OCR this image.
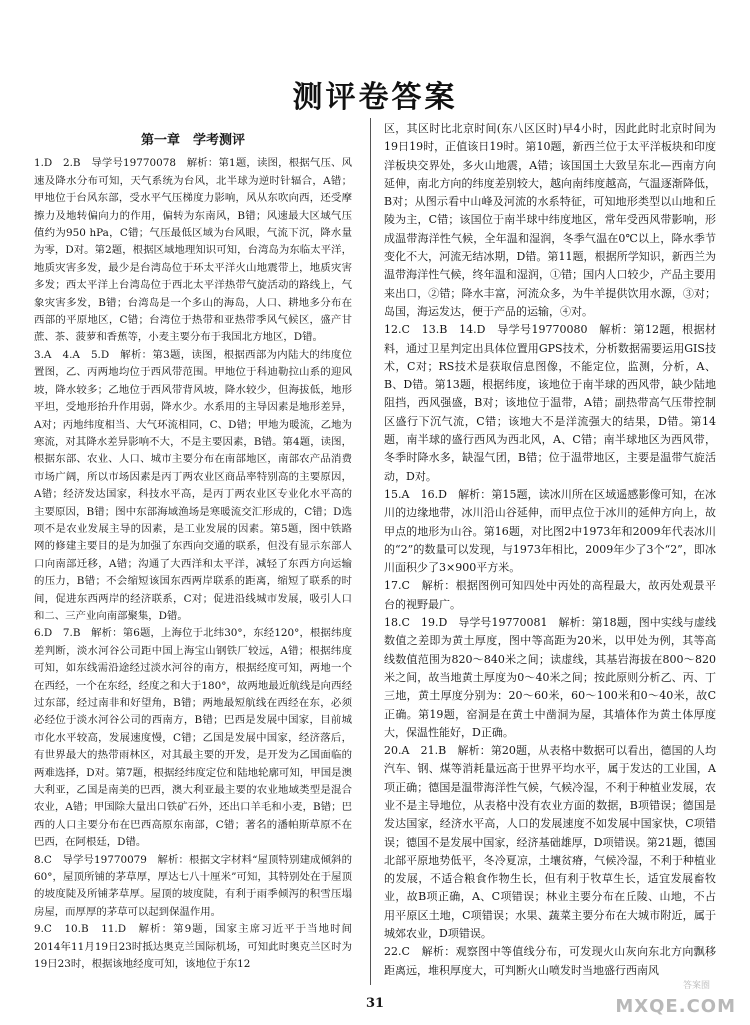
测评卷答案
第一章　学考测评

1.D　2.B　导学号19770078　解析：第1题，读图，根据气压、风速及降水分布可知，天气系统为台风，北半球为逆时针辐合，A错；甲地位于台风东部，受水平气压梯度力影响，风从东吹向西，还受摩擦力及地转偏向力的作用，偏转为东南风，B错；风速最大区域气压值约为950 hPa，C错；气压最低区域为台风眼，气流下沉，降水量为零，D对。第2题，根据区域地理知识可知，台湾岛为东临太平洋，地质灾害多发，最少是台湾岛位于环太平洋火山地震带上，地质灾害多发；西太平洋上台湾岛位于西北太平洋热带气旋活动的路线上，气象灾害多发，B错；台湾岛是一个多山的海岛，人口、耕地多分布在西部的平原地区，C错；台湾位于热带和亚热带季风气候区，盛产甘蔗、茶、菠萝和香蕉等，小麦主要分布于我国北方地区，D错。

3.A　4.A　5.D　解析：第3题，读图，根据西部为内陆大的纬度位置图，乙、丙两地均位于西风带范围。甲地位于科迪勒拉山系的迎风坡，降水较多；乙地位于西风带背风坡，降水较少，但海拔低，地形平坦，受地形抬升作用弱，降水少。水系用的主导因素是地形差异，A对；丙地纬度相当、大气环流相同，C、D错；甲地为暖流，乙地为寒流，对其降水差异影响不大，不是主要因素，B错。第4题，读图，根据东部、农业、人口、城市主要分布在南部地区，南部农产品消费市场广阔，所以市场因素是丙丁两农业区商品率特别高的主要原因，A错；经济发达国家，科技水平高，是丙丁两农业区专业化水平高的主要原因，B错；图中东部海域渔场是寒暖流交汇形成的，C错；D选项不是农业发展主导的因素，是工业发展的因素。第5题，图中铁路网的修建主要目的是为加强了东西向交通的联系，但没有显示东部人口向南部迁移，A错；沟通了大西洋和太平洋，减轻了东西方向运输的压力，B错；不会缩短该国东西两岸联系的距离，缩短了联系的时间，促进东西两岸的经济联系，C对；促进沿线城市发展，吸引人口和二、三产业向南部聚集，D错。

6.D　7.B　解析：第6题，上海位于北纬30°，东经120°，根据纬度差判断，淡水河谷公司距中国上海宝山钢铁厂较远，A错；根据纬度可知，如东线需沿途经过淡水河谷的南方，根据经度可知，两地一个在西经，一个在东经，经度之和大于180°，故两地最近航线是向西经过东部，经过南非和好望角，B错；两地最短航线在西经在东，必须必经位于淡水河谷公司的西南方，B错；巴西是发展中国家，目前城市化水平较高，发展速度慢，C错；乙国是发展中国家，经济落后，有世界最大的热带雨林区，对其最主要的开发，是开发为乙国面临的两难选择，D对。第7题，根据经纬度定位和陆地轮廓可知，甲国是澳大利亚，乙国是南美的巴西，澳大利亚最主要的农业地域类型是混合农业，A错；甲国除大量出口铁矿石外，还出口羊毛和小麦，B错；巴西的人口主要分布在巴西高原东南部，C错；著名的潘帕斯草原不在巴西，在阿根廷，D错。

8.C　导学号19770079　解析：根据文字材料“屋顶特别建成倾斜的60°，屋顶所铺的茅草厚，厚达七八十厘米”可知，其特别处在于屋顶的坡度陡及所铺茅草厚。屋顶的坡度陡，有利于雨季倾泻的积雪压塌房屋，而厚厚的茅草可以起到保温作用。

9.C　10.B　11.D　解析：第9题，国家主席习近平于当地时间2014年11月19日23时抵达奥克兰国际机场，可知此时奥克兰区时为19日23时，根据该地经度可知，该地位于东12

区，其区时比北京时间(东八区区时)早4小时，因此此时北京时间为19日19时，正值该日19时。第10题，新西兰位于太平洋板块和印度洋板块交界处，多火山地震，A错；该国国土大致呈东北—西南方向延伸，南北方向的纬度差别较大，越向南纬度越高，气温逐渐降低，B对；从图示看中山峰及河流的水系特征，可知地形类型以山地和丘陵为主，C错；该国位于南半球中纬度地区，常年受西风带影响，形成温带海洋性气候，全年温和湿润，冬季气温在0℃以上，降水季节变化不大，河流无结冰期，D错。第11题，根据所学知识，新西兰为温带海洋性气候，终年温和湿润，①错；国内人口较少，产品主要用来出口，②错；降水丰富，河流众多，为牛羊提供饮用水源，③对；岛国，海运发达，便于产品的运输，④对。

12.C　13.B　14.D　导学号19770080　解析：第12题，根据材料，通过卫星判定出具体位置用GPS技术，分析数据需要运用GIS技术，C对；RS技术是获取信息图像，不能定位，监测，分析，A、B、D错。第13题，根据纬度，该地位于南半球的西风带，缺少陆地阻挡，西风强盛，B对；该地位于温带，A错；副热带高气压带控制区盛行下沉气流，C错；该地大不是洋流强大的结果，D错。第14题，南半球的盛行西风为西北风，A、C错；南半球地区为西风带，冬季时降水多，缺湿气团，B错；位于温带地区，主要是温带气旋活动，D对。

15.A　16.D　解析：第15题，读冰川所在区域遥感影像可知，在冰川的边缘地带，冰川沿山谷延伸，而甲点位于冰川的延伸方向上，故甲点的地形为山谷。第16题，对比图2中1973年和2009年代表冰川的“2”的数量可以发现，与1973年相比，2009年少了3个“2”，即冰川面积少了3×900平方米。

17.C　解析：根据图例可知四处中丙处的高程最大，故丙处观景平台的视野最广。

18.C　19.D　导学号19770081　解析：第18题，图中实线与虚线数值之差即为黄土厚度，图中等高距为20米，以甲处为例，其等高线数值范围为820～840米之间；读虚线，其基岩海拔在800～820米之间，故当地黄土厚度为0～40米之间；按此原则分析乙、丙、丁三地，黄土厚度分别为：20～60米，60～100米和0～40米，故C正确。第19题，窑洞是在黄土中凿洞为屋，其墙体作为黄土体厚度大，保温性能好，D正确。

20.A　21.B　解析：第20题，从表格中数据可以看出，德国的人均汽车、钢、煤等消耗量远高于世界平均水平，属于发达的工业国，A项正确；德国是温带海洋性气候，气候冷湿，不利于种植业发展，农业不是主导地位，从表格中没有农业方面的数据，B项错误；德国是发达国家，经济水平高，人口的发展速度不如发展中国家快，C项错误；德国不是发展中国家，经济基础雄厚，D项错误。第21题，德国北部平原地势低平，冬冷夏凉，土壤贫瘠，气候冷湿，不利于种植业的发展，不适合粮食作物生长，但有利于牧草生长，适宜发展畜牧业，故B项正确，A、C项错误；林业主要分布在丘陵、山地，不占用平原区土地，C项错误；水果、蔬菜主要分布在大城市附近，属于城郊农业，D项错误。

22.C　解析：观察图中等值线分布，可发现火山灰向东北方向飘移距离远，堆积厚度大，可判断火山喷发时当地盛行西南风

31
答案圈
MXQE.COM
